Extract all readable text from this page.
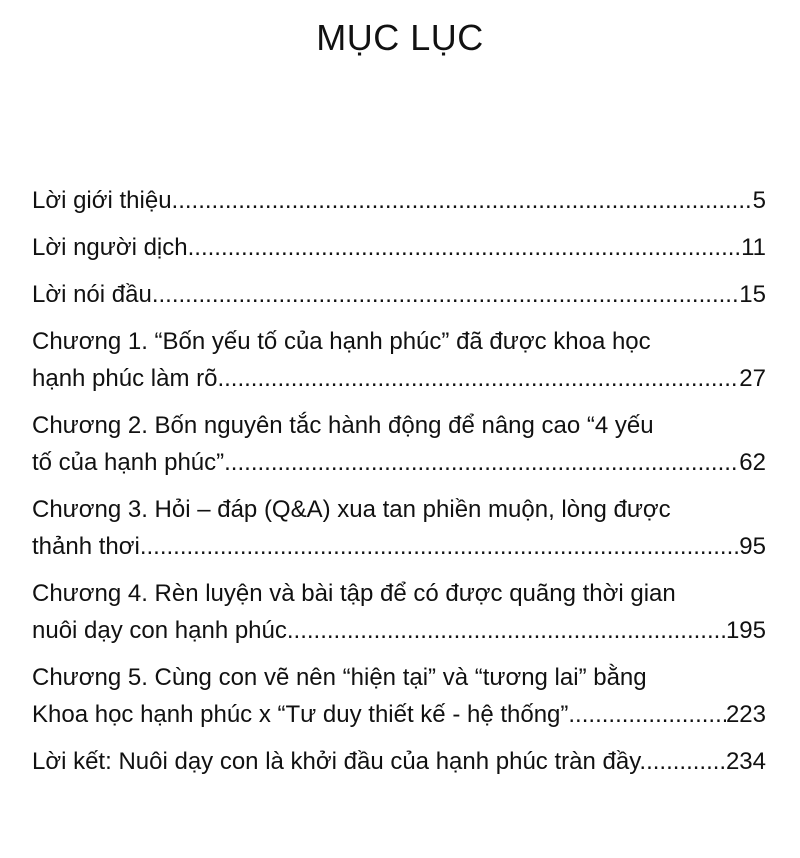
MỤC LỤC
Lời giới thiệu .....	5
Lời người dịch .....	11
Lời nói đầu .....	15
Chương 1. “Bốn yếu tố của hạnh phúc” đã được khoa học
hạnh phúc làm rõ .....	27
Chương 2. Bốn nguyên tắc hành động để nâng cao “4 yếu
tố của hạnh phúc” .....	62
Chương 3. Hỏi – đáp (Q&A) xua tan phiền muộn, lòng được
thảnh thơi .....	95
Chương 4. Rèn luyện và bài tập để có được quãng thời gian
nuôi dạy con hạnh phúc. .....	195
Chương 5. Cùng con vẽ nên “hiện tại” và “tương lai” bằng
Khoa học hạnh phúc x “Tư duy thiết kế - hệ thống” .....	223
Lời kết: Nuôi dạy con là khởi đầu của hạnh phúc tràn đầy. .....	234
